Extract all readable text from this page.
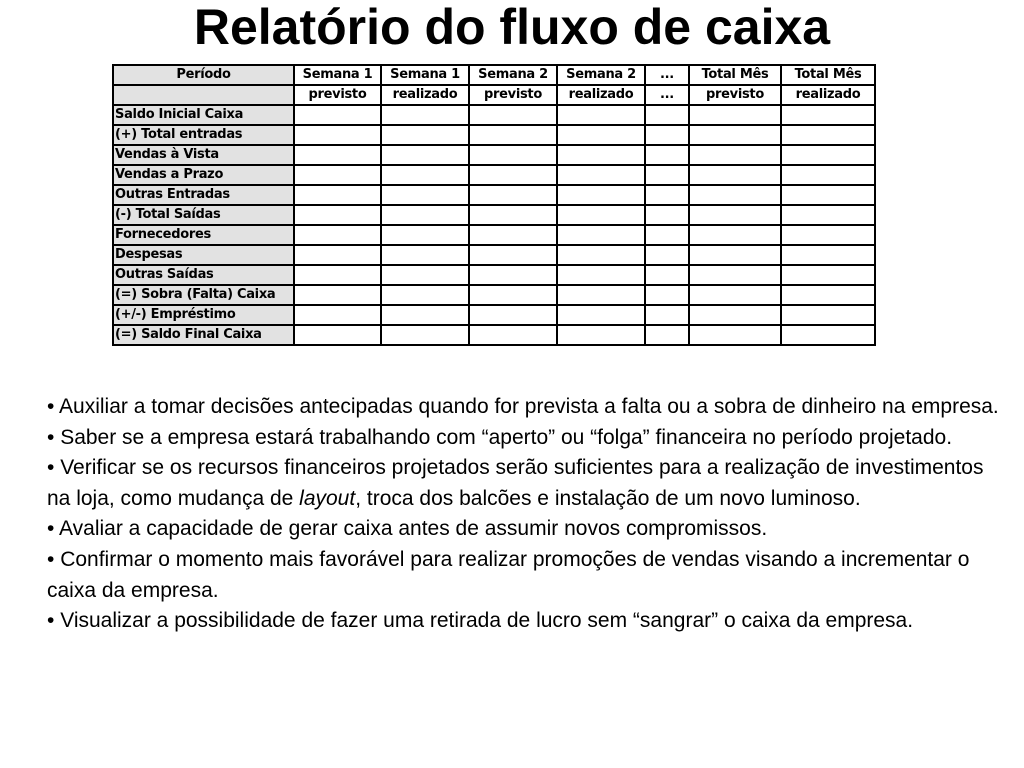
Relatório do fluxo de caixa
Período	Semana 1	Semana 1	Semana 2	Semana 2	...	Total Mês	Total Mês
	previsto	realizado	previsto	realizado	...	previsto	realizado
Saldo Inicial Caixa							
(+) Total entradas							
Vendas à Vista							
Vendas a Prazo							
Outras Entradas							
(-) Total Saídas							
Fornecedores							
Despesas							
Outras Saídas							
(=) Sobra (Falta) Caixa							
(+/-) Empréstimo							
(=) Saldo Final Caixa							
• Auxiliar a tomar decisões antecipadas quando for prevista a falta ou a sobra de dinheiro na empresa.
• Saber se a empresa estará trabalhando com “aperto” ou “folga” financeira no período projetado.
• Verificar se os recursos financeiros projetados serão suficientes para a realização de investimentos na loja, como mudança de layout, troca dos balcões e instalação de um novo luminoso.
• Avaliar a capacidade de gerar caixa antes de assumir novos compromissos.
• Confirmar o momento mais favorável para realizar promoções de vendas visando a incrementar o caixa da empresa.
• Visualizar a possibilidade de fazer uma retirada de lucro sem “sangrar” o caixa da empresa.
